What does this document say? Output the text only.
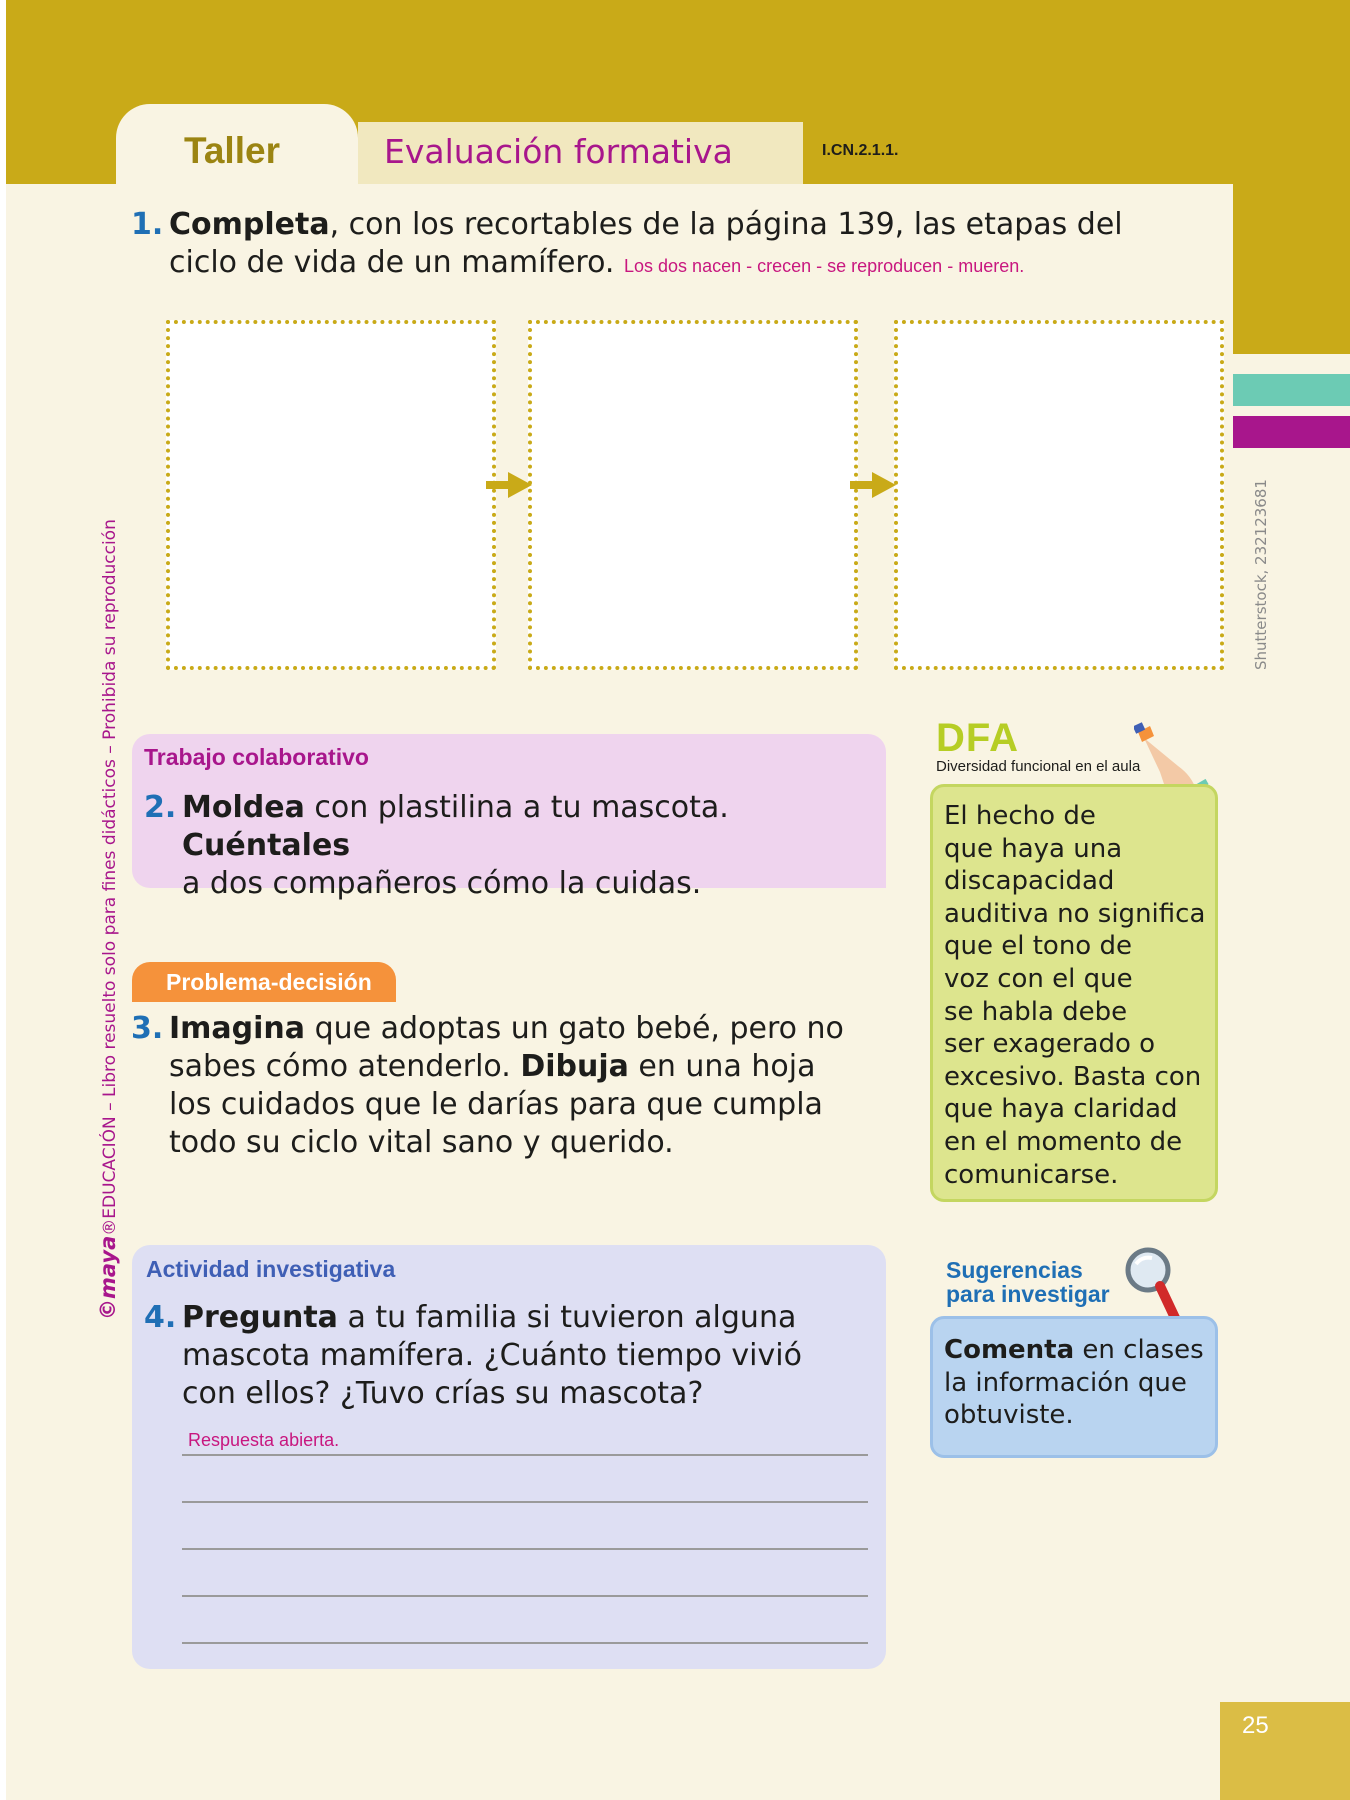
Taller	Evaluación formativa	I.CN.2.1.1.
©maya®EDUCACIÓN – Libro resuelto solo para fines didácticos – Prohibida su reproducción	Shutterstock, 232123681
1. Completa, con los recortables de la página 139, las etapas del
ciclo de vida de un mamífero. Los dos nacen - crecen - se reproducen - mueren.
Trabajo colaborativo
2. Moldea con plastilina a tu mascota. Cuéntales
a dos compañeros cómo la cuidas.
Problema-decisión
3. Imagina que adoptas un gato bebé, pero no
sabes cómo atenderlo. Dibuja en una hoja
los cuidados que le darías para que cumpla
todo su ciclo vital sano y querido.
Actividad investigativa
4. Pregunta a tu familia si tuvieron alguna
mascota mamífera. ¿Cuánto tiempo vivió
con ellos? ¿Tuvo crías su mascota?
Respuesta abierta.
DFA
Diversidad funcional en el aula
El hecho de
que haya una
discapacidad
auditiva no significa
que el tono de
voz con el que
se habla debe
ser exagerado o
excesivo. Basta con
que haya claridad
en el momento de
comunicarse.
Sugerencias
para investigar
Comenta en clases
la información que
obtuviste.
25
